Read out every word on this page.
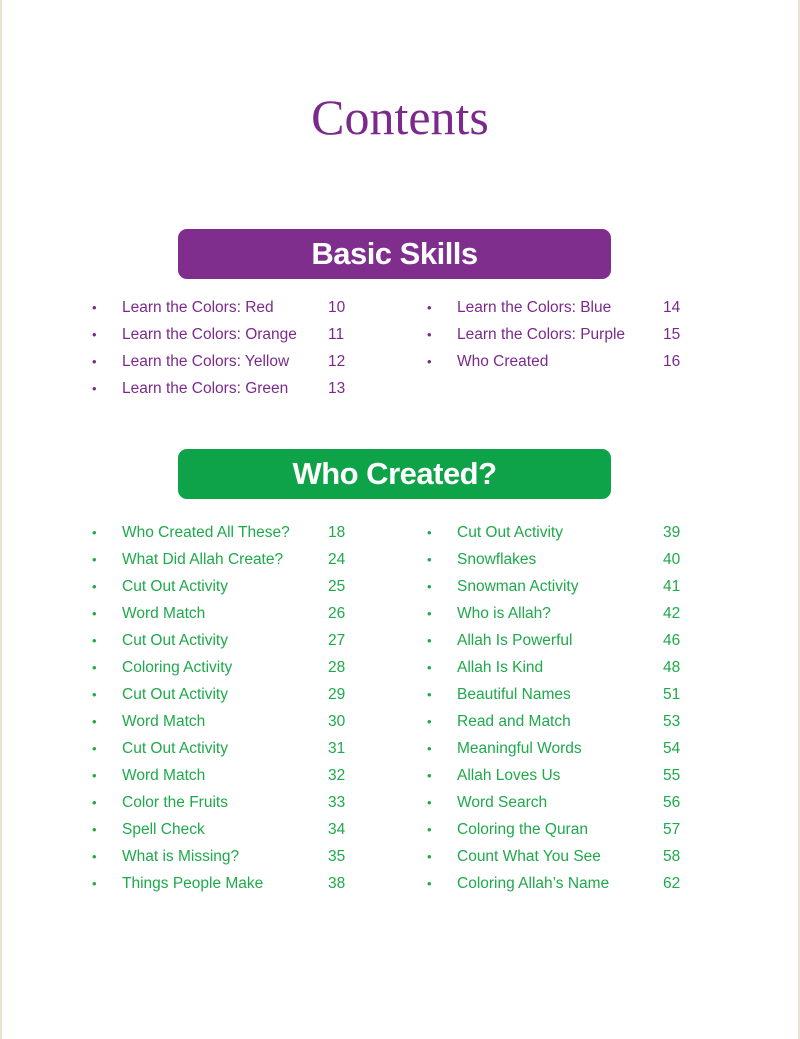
Contents
Basic Skills
•	Learn the Colors: Red	10
•	Learn the Colors: Orange 11
•	Learn the Colors: Yellow	12
•	Learn the Colors: Green	13
•	Learn the Colors: Blue	14
•	Learn the Colors: Purple 15
•	Who Created	16
Who Created?
•	Who Created All These? 18
•	What Did Allah Create?	24
•	Cut Out Activity	25
•	Word Match	26
•	Cut Out Activity	27
•	Coloring Activity	28
•	Cut Out Activity	29
•	Word Match	30
•	Cut Out Activity	31
•	Word Match	32
•	Color the Fruits	33
•	Spell Check	34
•	What is Missing?	35
•	Things People Make	38
•	Cut Out Activity	39
•	Snowflakes	40
•	Snowman Activity	41
•	Who is Allah?	42
•	Allah Is Powerful	46
•	Allah Is Kind	48
•	Beautiful Names	51
•	Read and Match	53
•	Meaningful Words	54
•	Allah Loves Us	55
•	Word Search	56
•	Coloring the Quran	57
•	Count What You See	58
•	Coloring Allah’s Name	62
